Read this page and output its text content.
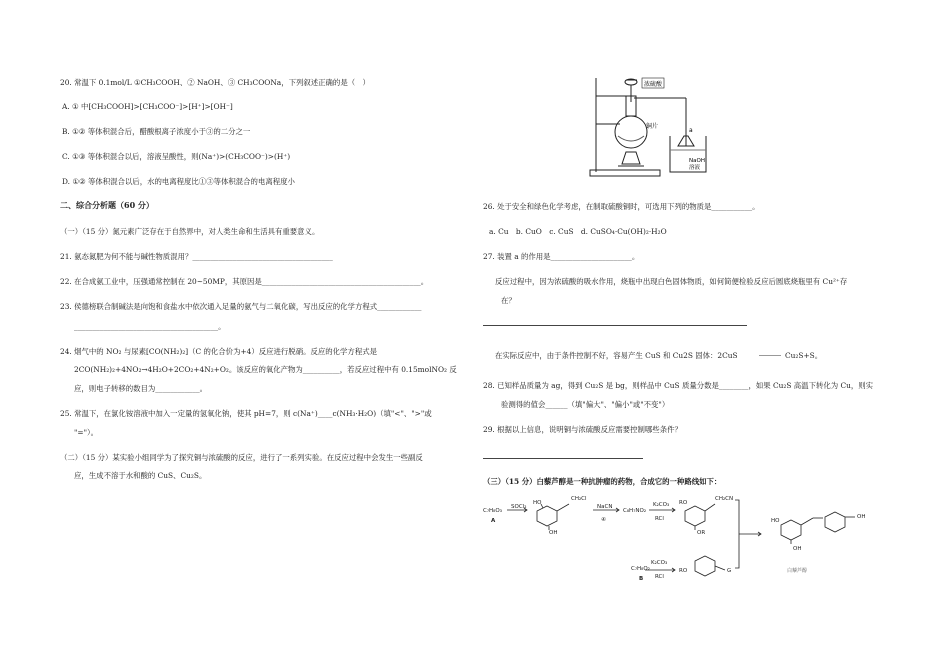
20. 常温下 0.1mol/L ①CH₃COOH、② NaOH、③ CH₃COONa，下列叙述正确的是（　）
A. ① 中[CH₃COOH]>[CH₃COO⁻]>[H⁺]>[OH⁻]
B. ①② 等体积混合后，醋酸根离子浓度小于③的二分之一
C. ①③ 等体积混合以后，溶液呈酸性，则(Na⁺)>(CH₃COO⁻)>(H⁺)
D. ①② 等体积混合以后，水的电离程度比①③等体积混合的电离程度小
二、综合分析题（60 分）
（一）（15 分）氮元素广泛存在于自然界中，对人类生命和生活具有重要意义。
21. 氨态氮肥为何不能与碱性物质混用？______________________________________
22. 在合成氨工业中，压强通常控制在 20~50MP，其原因是___________________________________________。
23. 侯德榜联合制碱法是向饱和食盐水中依次通入足量的氨气与二氧化碳，写出反应的化学方程式____________
_______________________________________。
24. 烟气中的 NO₂ 与尿素[CO(NH₂)₂]（C 的化合价为+4）反应进行脱硝。反应的化学方程式是
2CO(NH₂)₂+4NO₂→4H₂O+2CO₂+4N₂+O₂。该反应的氧化产物为__________，若反应过程中有 0.15molNO₂ 反
应，则电子转移的数目为____________。
25. 常温下，在氯化铵溶液中加入一定量的氢氧化钠，使其 pH=7，则 c(Na⁺)____c(NH₃·H₂O)（填"<"、">"或
"="）。
（二）（15 分）某实验小组同学为了探究铜与浓硫酸的反应，进行了一系列实验。在反应过程中会发生一些副反
应，生成不溶于水和酸的 CuS、Cu₂S。
浓硫酸
铜片
a
NaOH
溶液
26. 处于安全和绿色化学考虑，在制取硫酸铜时，可选用下列的物质是___________。
a. Cu　b. CuO　c. CuS　d. CuSO₄·Cu(OH)₂·H₂O
27. 装置 a 的作用是______________________。
反应过程中，因为浓硫酸的吸水作用，烧瓶中出现白色固体物质，如何简便检验反应后圆底烧瓶里有 Cu²⁺存
在？
在实际反应中，由于条件控制不好，容易产生 CuS 和 Cu2S 固体：2CuS	Cu₂S+S。
28. 已知样品质量为 ag，得到 Cu₂S 是 bg，则样品中 CuS 质量分数是________，如果 Cu₂S 高温下转化为 Cu，则实
验测得的值会______（填"偏大"、"偏小"或"不变"）
29. 根据以上信息，说明铜与浓硫酸反应需要控制哪些条件？
（三）（15 分）白藜芦醇是一种抗肿瘤的药物，合成它的一种路线如下：
C₇H₈O₃
A
SOCl₂
HO
CH₂Cl
OH
NaCN
④
C₈H₇NO₂
K₂CO₃
RCl
RO
CH₂CN
OR
HO
OH
OH
K₂CO₃
C₇H₈O₂
B RCl
RO	G	白藜芦醇
